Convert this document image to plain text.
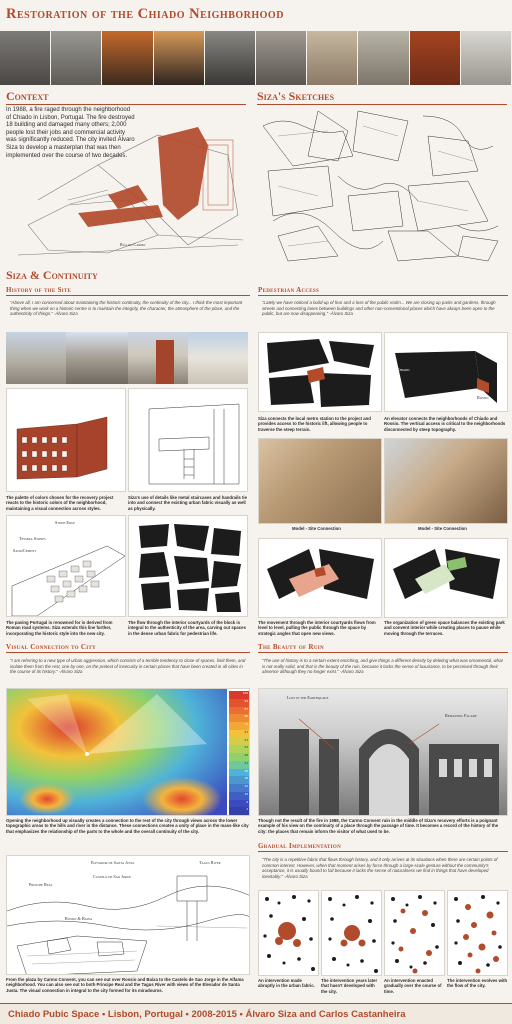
Restoration of the Chiado Neighborhood
Context
In 1988, a fire raged through the neighborhood of Chiado in Lisbon, Portugal. The fire destroyed 18 building and damaged many others; 2,000 people lost their jobs and commercial activity was significantly reduced. The city invited Álvaro Siza to develop a masterplan that was then implemented over the course of two decades.
Rua do Carmo
Siza's Sketches
Siza & Continuity
History of the Site
"Above all, I am concerned about maintaining the historic continuity, the continuity of the city... I think the most important thing when we work on a historic centre is to maintain the integrity, the character, the atmosphere of the place, and the authenticity of things." -Álvaro Siza
The palette of colors chosen for the recovery project reacts to the historic colors of the neighborhood, maintaining a visual connection across styles.
Siza's use of details like metal staircases and handrails tie into and connect the existing urban fabric visually as well as physically.
Stone Edge
Tessera Stones
Sand/Cement
The paving Portugal is renowned for is derived from Roman road systems. Siza extends this line further, incorporating the historic style into the new city.
The flow through the interior courtyards of the block is integral to the authenticity of the area, carving out spaces in the dense urban fabric for pedestrian life.
Pedestrian Access
"Lately we have noticed a build-up of fear and a loss of the public realm... We are closing up parks and gardens, through streets and connecting lanes between buildings and other non-conventional places which have always been open to the public, but are now disappearing." -Álvaro Siza
Chiado
Rossio
Siza connects the local metro station to the project and provides access to the historic lift, allowing people to traverse the steep terrain.
An elevator connects the neighborhoods of Chiado and Rossio. The vertical access is critical to the neighborhoods disconnected by steep topography.
Model - Site Connection	Model - Site Connection
The movement through the interior courtyards flows from level to level, pulling the public through the space by strategic angles that open new views.
The organization of green space balances the existing park and convent interior while creating places to pause while moving through the terraces.
Visual Connection to City
"I am referring to a new type of urban aggression, which consists of a terrible tendency to close of spaces, limit them, and isolate them from the rest, one by one, on the pretext of insecurity in certain places that have been created in all cities in the course of its history." -Álvaro Siza
100
93
87
80
74
67
61
54
48
41
35
28
22
15
9
2
Opening the neighborhood up visually creates a connection to the rest of the city through views across the lower topographic areas to the hills and river in the distance. These connections creates a unity of place in the mass-like city that emphasizes the relationship of the parts to the whole and the overall continuity of the city.
Elevador de Santa Justa	Tagus River
Castelo de Sao Jorge
Principe Real
Rossio & Baixa
From the plaza by Carmo Convent, you can see out over Rossio and Baixa to the Castelo de Sao Jorge in the Alfama neighborhood. You can also see out to both Principe Real and the Tagus River with views of the Elevador de Santa Justa. The visual connection in integral to the city formed for its miradouros.
The Beauty of Ruin
"The use of history is to a certain extent enriching, and give things a different density by deleting what was ornamental, what is not really solid, and that is the beauty of the ruin, because it lacks the sense of luxuriance, to be perceived through their absence although they no longer exist." -Álvaro Siza
Lost in the Earthquake
Remaining Facade
Though not the result of the fire in 1988, the Carmo Convent ruin in the middle of Siza's recovery efforts is a poignant example of his view on the continuity of a place through the passage of time. It becomes a record of the history of the city: the places that remain inform the visitor of what used to be.
Gradual Implementation
"The city is a repetitive fabric that flows through history, and it only arrives at its situations when there are certain points of common interest. However, when that moment arises by force through a large-scale gesture without the community's acceptance, it is usually bound to fail because it lacks the sense of naturalness we find in things that have developed inevitably." -Álvaro Siza
An intervention made abruptly in the urban fabric.
The intervention years later that hasn't developed with the city.
An intervention enacted gradually over the course of time.
The intervention evolves with the flow of the city.
Chiado Pubic Space • Lisbon, Portugal • 2008-2015 • Álvaro Siza and Carlos Castanheira
